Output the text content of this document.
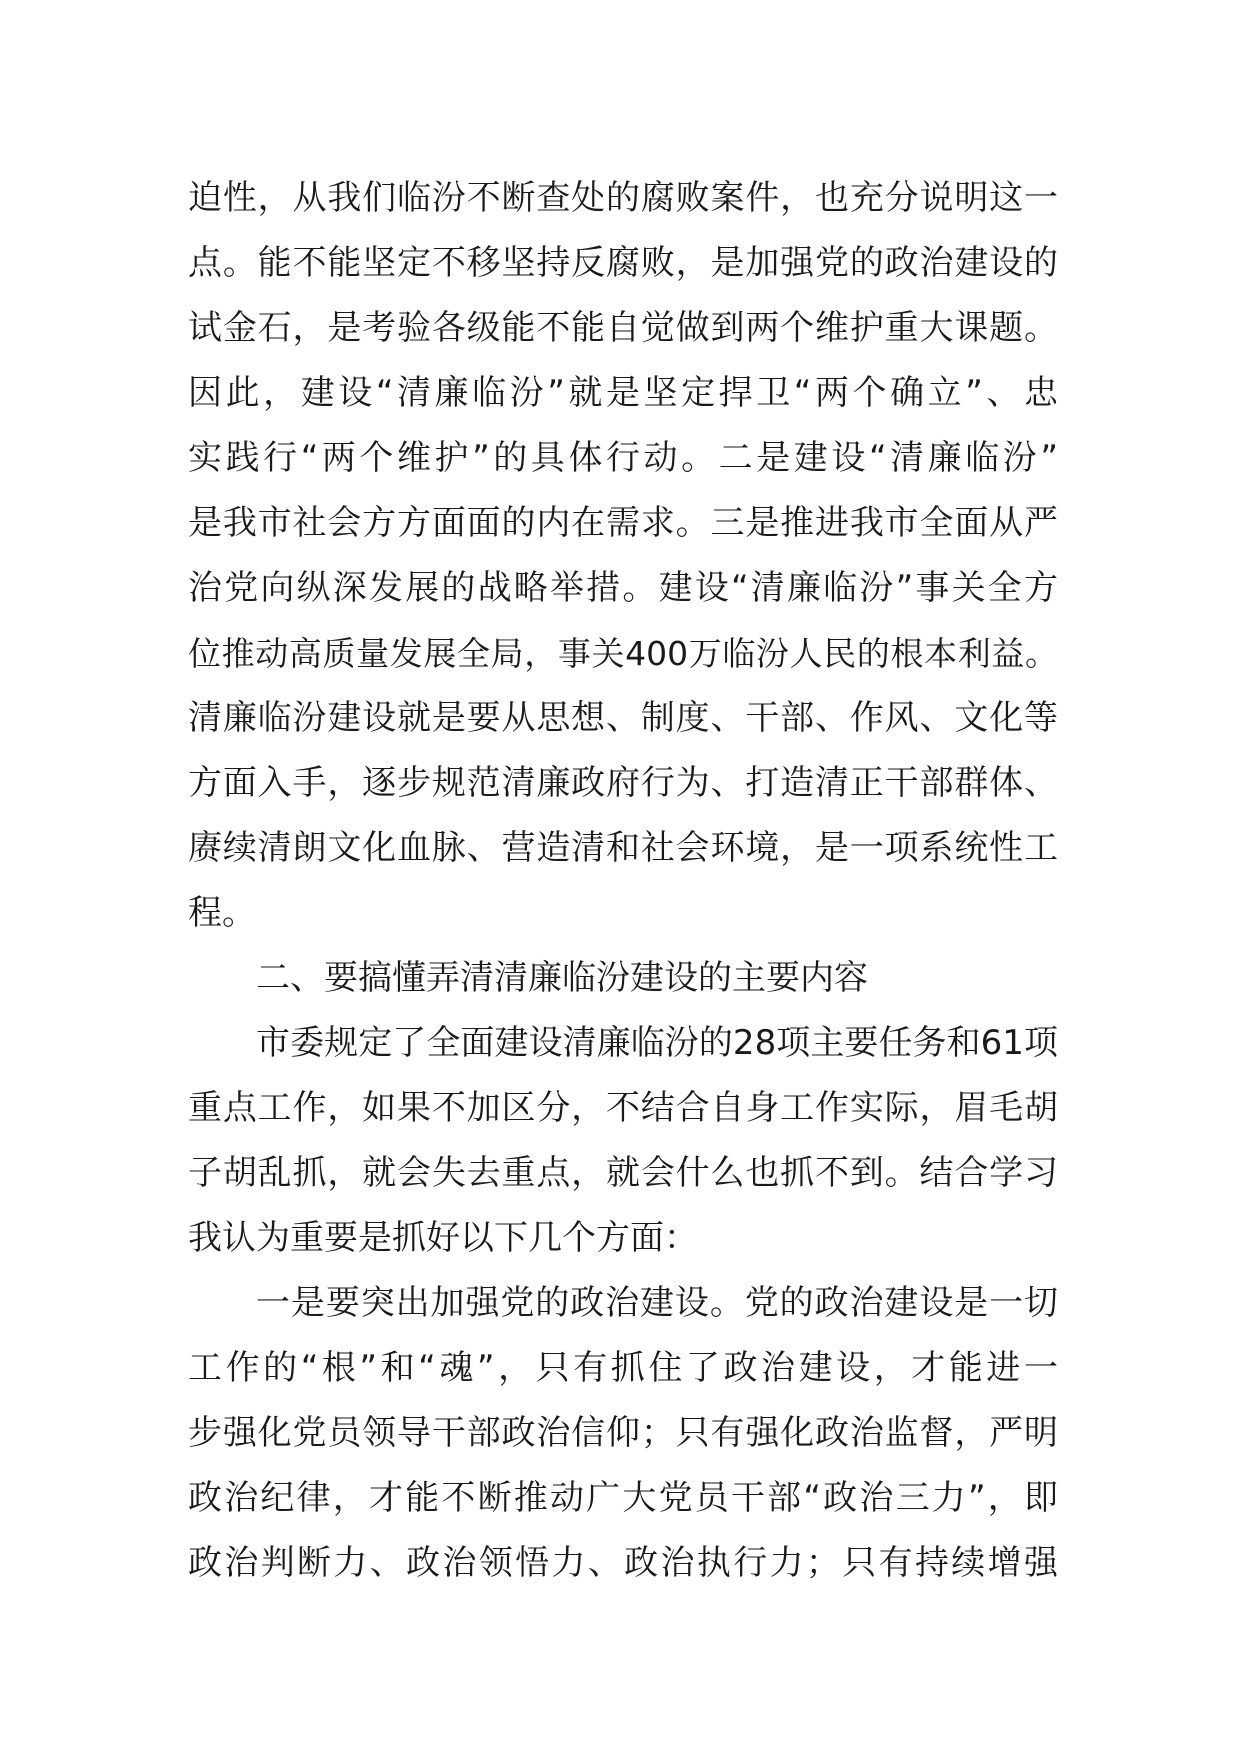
迫性，从我们临汾不断查处的腐败案件，也充分说明这一
点。能不能坚定不移坚持反腐败，是加强党的政治建设的
试金石，是考验各级能不能自觉做到两个维护重大课题。
因此，建设“清廉临汾”就是坚定捍卫“两个确立”、忠
实践行“两个维护”的具体行动。二是建设“清廉临汾”
是我市社会方方面面的内在需求。三是推进我市全面从严
治党向纵深发展的战略举措。建设“清廉临汾”事关全方
位推动高质量发展全局，事关400万临汾人民的根本利益。
清廉临汾建设就是要从思想、制度、干部、作风、文化等
方面入手，逐步规范清廉政府行为、打造清正干部群体、
赓续清朗文化血脉、营造清和社会环境，是一项系统性工
程。
二、要搞懂弄清清廉临汾建设的主要内容
市委规定了全面建设清廉临汾的28项主要任务和61项
重点工作，如果不加区分，不结合自身工作实际，眉毛胡
子胡乱抓，就会失去重点，就会什么也抓不到。结合学习
我认为重要是抓好以下几个方面：
一是要突出加强党的政治建设。党的政治建设是一切
工作的“根”和“魂”，只有抓住了政治建设，才能进一
步强化党员领导干部政治信仰；只有强化政治监督，严明
政治纪律，才能不断推动广大党员干部“政治三力”，即
政治判断力、政治领悟力、政治执行力；只有持续增强
